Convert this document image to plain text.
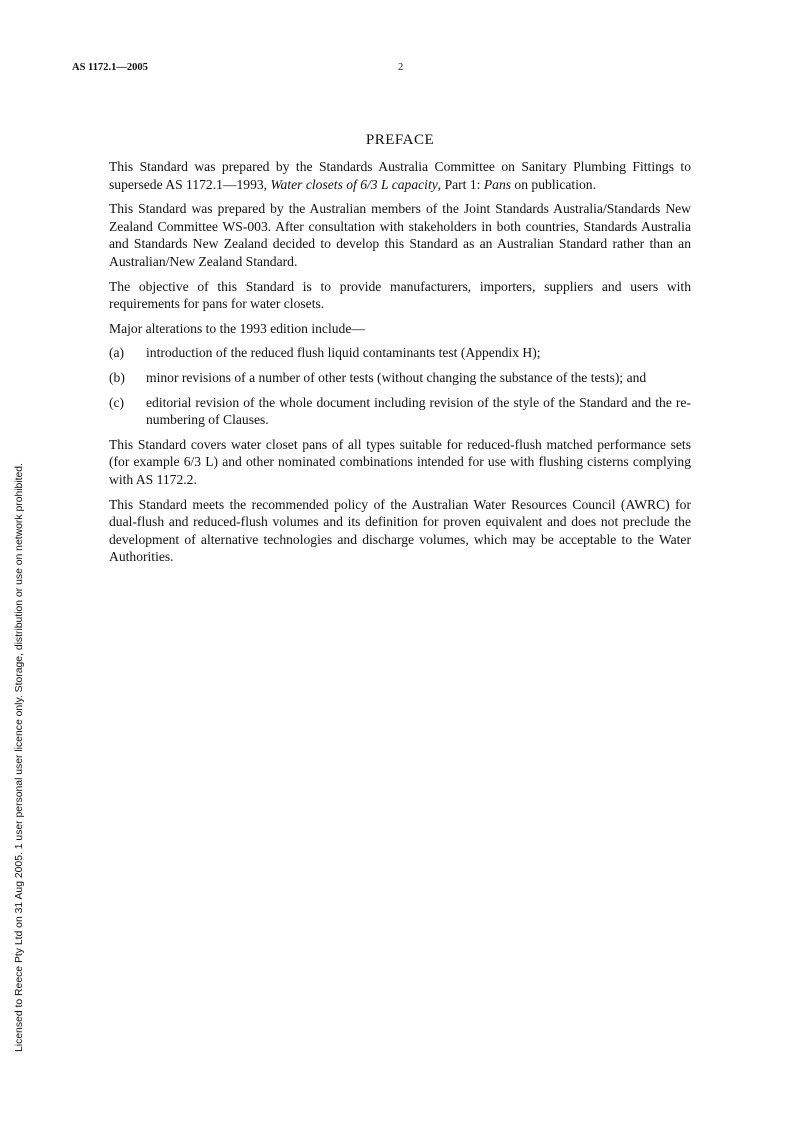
AS 1172.1—2005	2
PREFACE

This Standard was prepared by the Standards Australia Committee on Sanitary Plumbing Fittings to supersede AS 1172.1—1993, Water closets of 6/3 L capacity, Part 1: Pans on publication.

This Standard was prepared by the Australian members of the Joint Standards Australia/Standards New Zealand Committee WS-003. After consultation with stakeholders in both countries, Standards Australia and Standards New Zealand decided to develop this Standard as an Australian Standard rather than an Australian/New Zealand Standard.

The objective of this Standard is to provide manufacturers, importers, suppliers and users with requirements for pans for water closets.

Major alterations to the 1993 edition include—

(a) introduction of the reduced flush liquid contaminants test (Appendix H);
(b) minor revisions of a number of other tests (without changing the substance of the tests); and
(c) editorial revision of the whole document including revision of the style of the Standard and the re-numbering of Clauses.

This Standard covers water closet pans of all types suitable for reduced-flush matched performance sets (for example 6/3 L) and other nominated combinations intended for use with flushing cisterns complying with AS 1172.2.

This Standard meets the recommended policy of the Australian Water Resources Council (AWRC) for dual-flush and reduced-flush volumes and its definition for proven equivalent and does not preclude the development of alternative technologies and discharge volumes, which may be acceptable to the Water Authorities.

Licensed to Reece Pty Ltd on 31 Aug 2005. 1 user personal user licence only. Storage, distribution or use on network prohibited.
